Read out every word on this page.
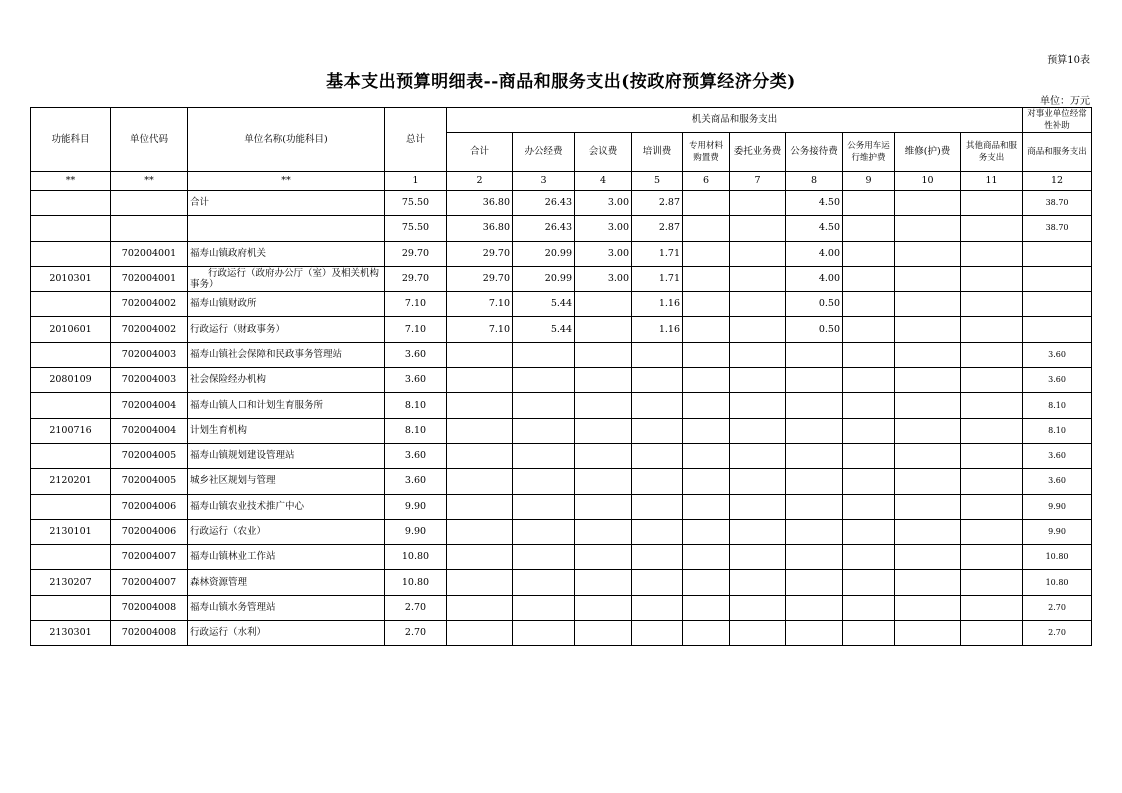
预算10表
基本支出预算明细表--商品和服务支出(按政府预算经济分类)
单位：万元
功能科目	单位代码	单位名称(功能科目)	总计	机关商品和服务支出										对事业单位经常性补助
				合计	办公经费	会议费	培训费	专用材料购置费	委托业务费	公务接待费	公务用车运行维护费	维修(护)费	其他商品和服务支出	商品和服务支出
**	**	**	1	2	3	4	5	6	7	8	9	10	11	12
		合计	75.50	36.80	26.43	3.00	2.87			4.50				38.70
			75.50	36.80	26.43	3.00	2.87			4.50				38.70
	702004001	福寿山镇政府机关	29.70	29.70	20.99	3.00	1.71			4.00				
2010301	702004001	行政运行（政府办公厅（室）及相关机构事务）	29.70	29.70	20.99	3.00	1.71			4.00				
	702004002	福寿山镇财政所	7.10	7.10	5.44		1.16			0.50				
2010601	702004002	行政运行（财政事务）	7.10	7.10	5.44		1.16			0.50				
	702004003	福寿山镇社会保障和民政事务管理站	3.60											3.60
2080109	702004003	社会保险经办机构	3.60											3.60
	702004004	福寿山镇人口和计划生育服务所	8.10											8.10
2100716	702004004	计划生育机构	8.10											8.10
	702004005	福寿山镇规划建设管理站	3.60											3.60
2120201	702004005	城乡社区规划与管理	3.60											3.60
	702004006	福寿山镇农业技术推广中心	9.90											9.90
2130101	702004006	行政运行（农业）	9.90											9.90
	702004007	福寿山镇林业工作站	10.80											10.80
2130207	702004007	森林资源管理	10.80											10.80
	702004008	福寿山镇水务管理站	2.70											2.70
2130301	702004008	行政运行（水利）	2.70											2.70
